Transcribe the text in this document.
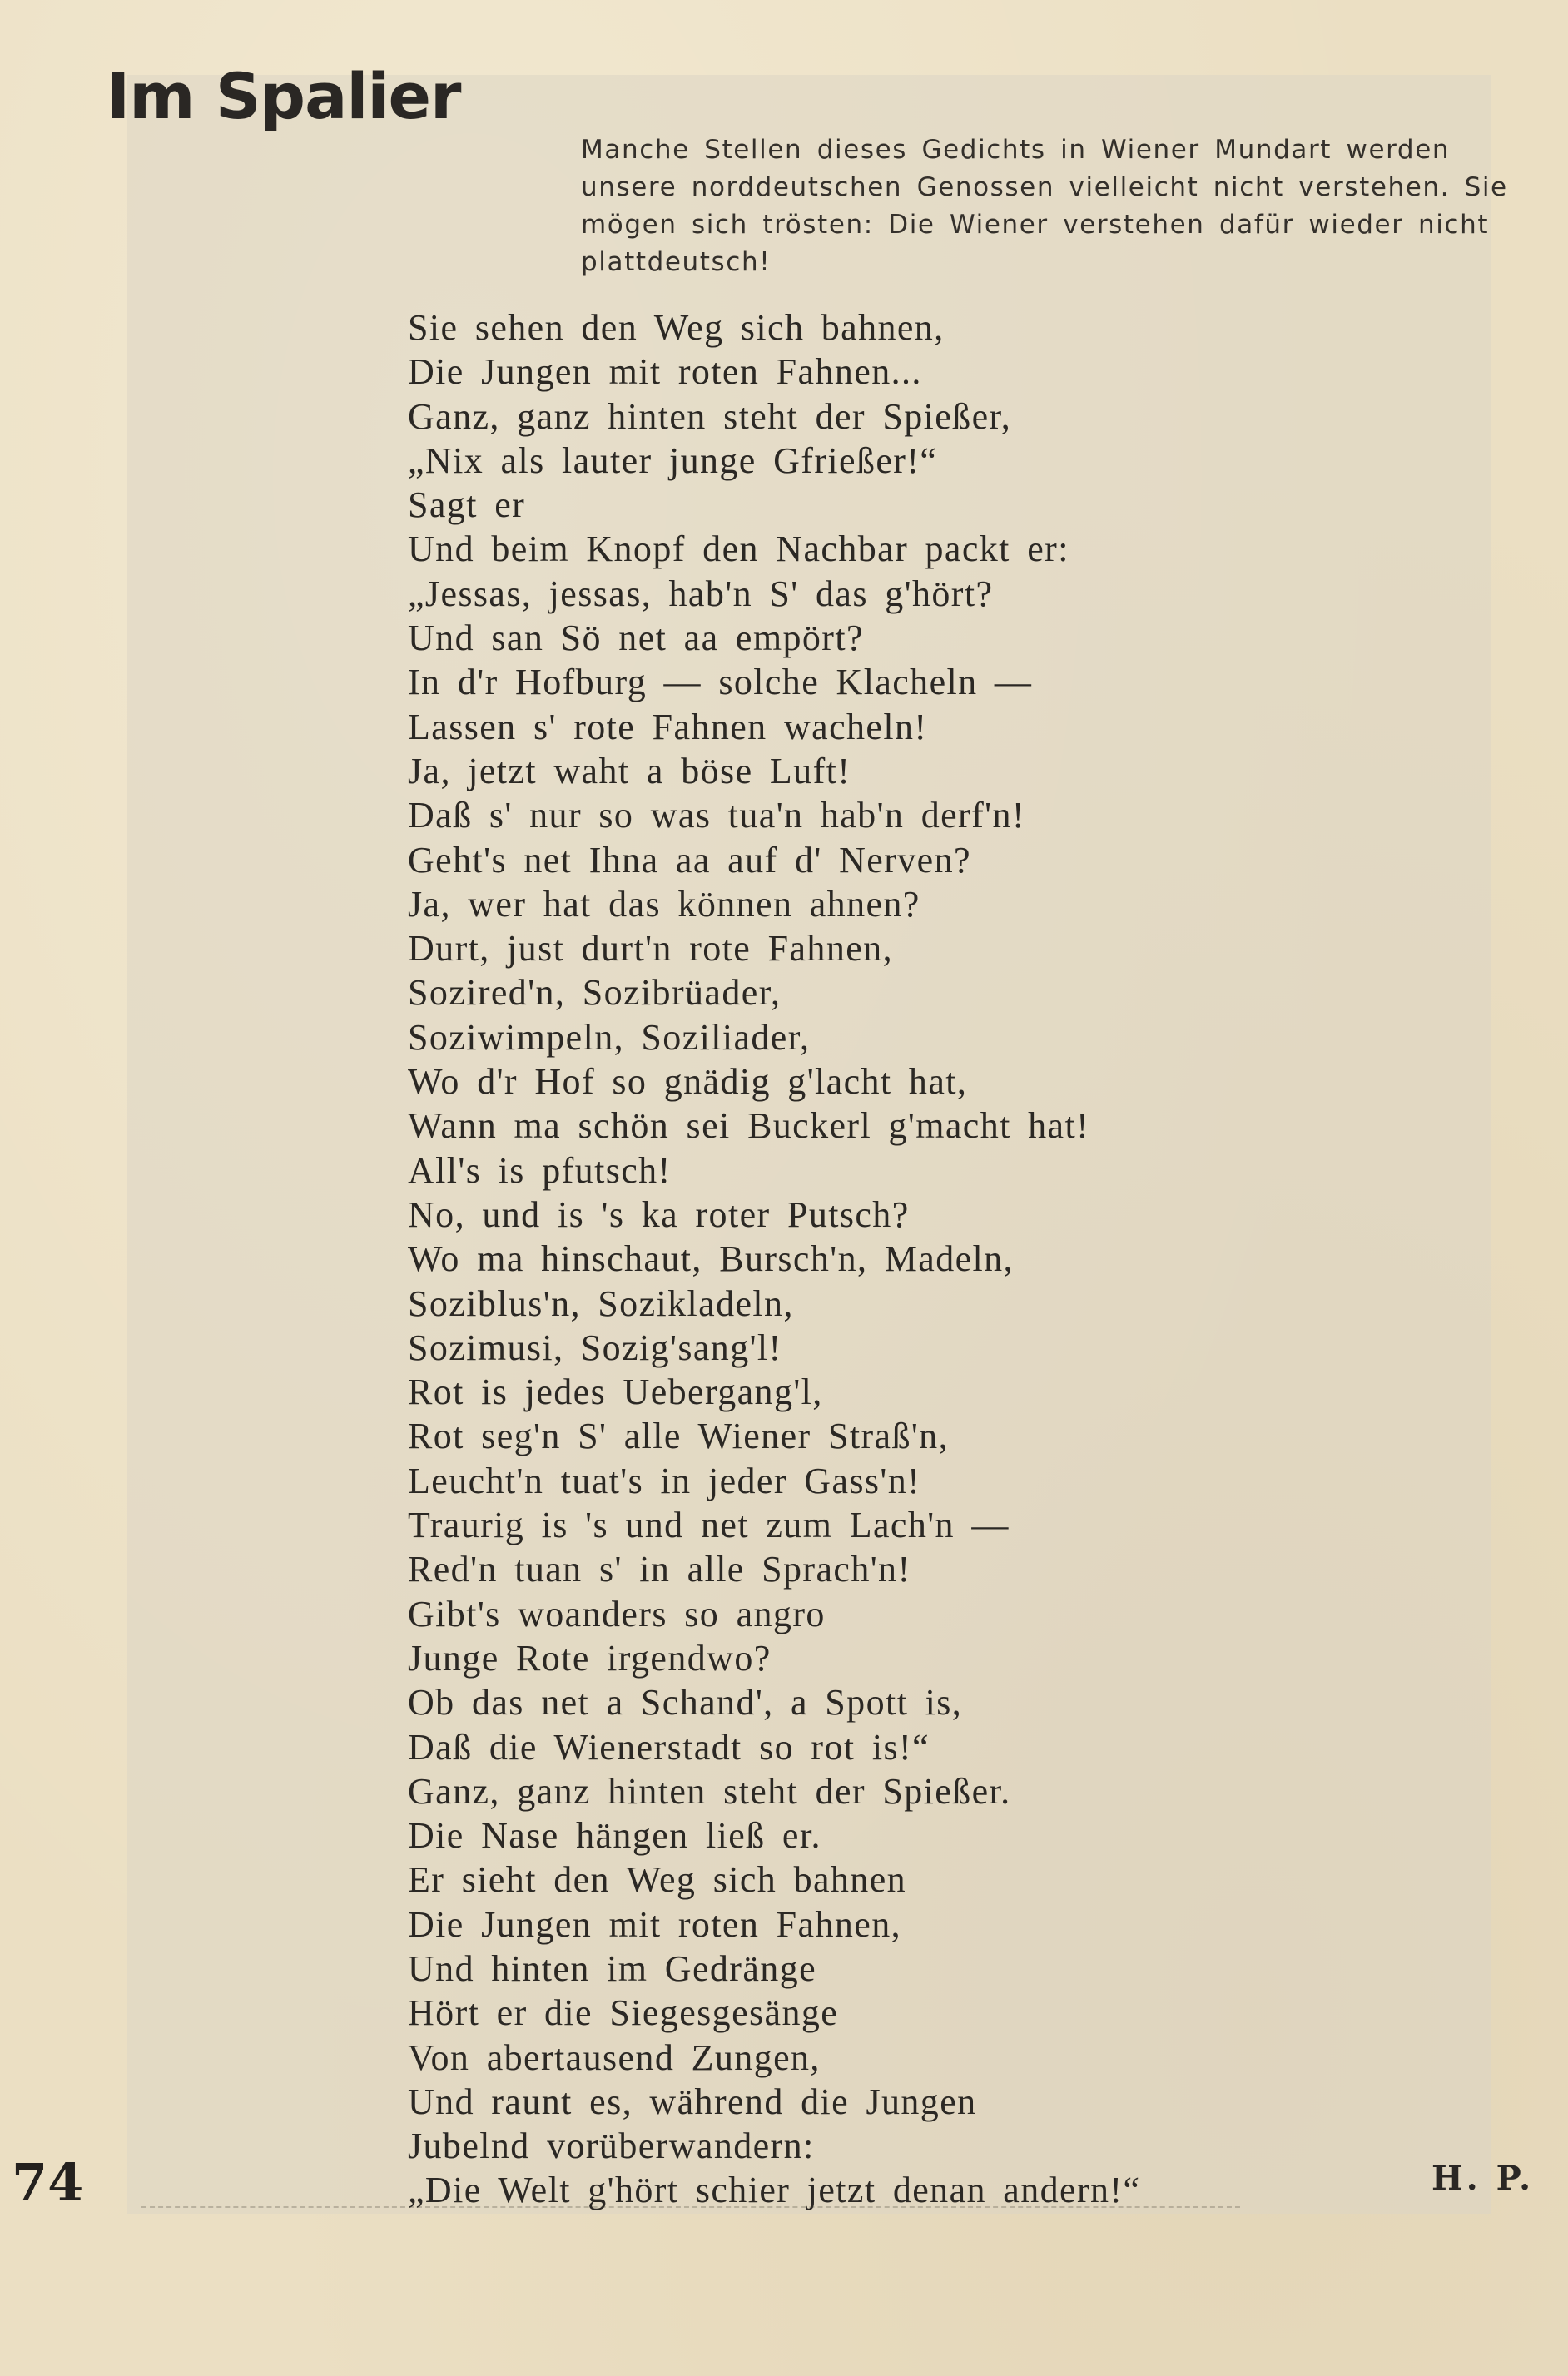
Im Spalier

Manche Stellen dieses Gedichts in Wiener Mundart werden unsere norddeutschen Genossen vielleicht nicht verstehen. Sie mögen sich trösten: Die Wiener verstehen dafür wieder nicht plattdeutsch!

Sie sehen den Weg sich bahnen,
Die Jungen mit roten Fahnen...
Ganz, ganz hinten steht der Spießer,
„Nix als lauter junge Gfrießer!“
Sagt er
Und beim Knopf den Nachbar packt er:
„Jessas, jessas, hab'n S' das g'hört?
Und san Sö net aa empört?
In d'r Hofburg — solche Klacheln —
Lassen s' rote Fahnen wacheln!
Ja, jetzt waht a böse Luft!
Daß s' nur so was tua'n hab'n derf'n!
Geht's net Ihna aa auf d' Nerven?
Ja, wer hat das können ahnen?
Durt, just durt'n rote Fahnen,
Sozired'n, Sozibrüader,
Soziwimpeln, Soziliader,
Wo d'r Hof so gnädig g'lacht hat,
Wann ma schön sei Buckerl g'macht hat!
All's is pfutsch!
No, und is 's ka roter Putsch?
Wo ma hinschaut, Bursch'n, Madeln,
Soziblus'n, Sozikladeln,
Sozimusi, Sozig'sang'l!
Rot is jedes Uebergang'l,
Rot seg'n S' alle Wiener Straß'n,
Leucht'n tuat's in jeder Gass'n!
Traurig is 's und net zum Lach'n —
Red'n tuan s' in alle Sprach'n!
Gibt's woanders so angro
Junge Rote irgendwo?
Ob das net a Schand', a Spott is,
Daß die Wienerstadt so rot is!“
Ganz, ganz hinten steht der Spießer.
Die Nase hängen ließ er.
Er sieht den Weg sich bahnen
Die Jungen mit roten Fahnen,
Und hinten im Gedränge
Hört er die Siegesgesänge
Von abertausend Zungen,
Und raunt es, während die Jungen
Jubelnd vorüberwandern:
„Die Welt g'hört schier jetzt denan andern!“
74	H. P.
